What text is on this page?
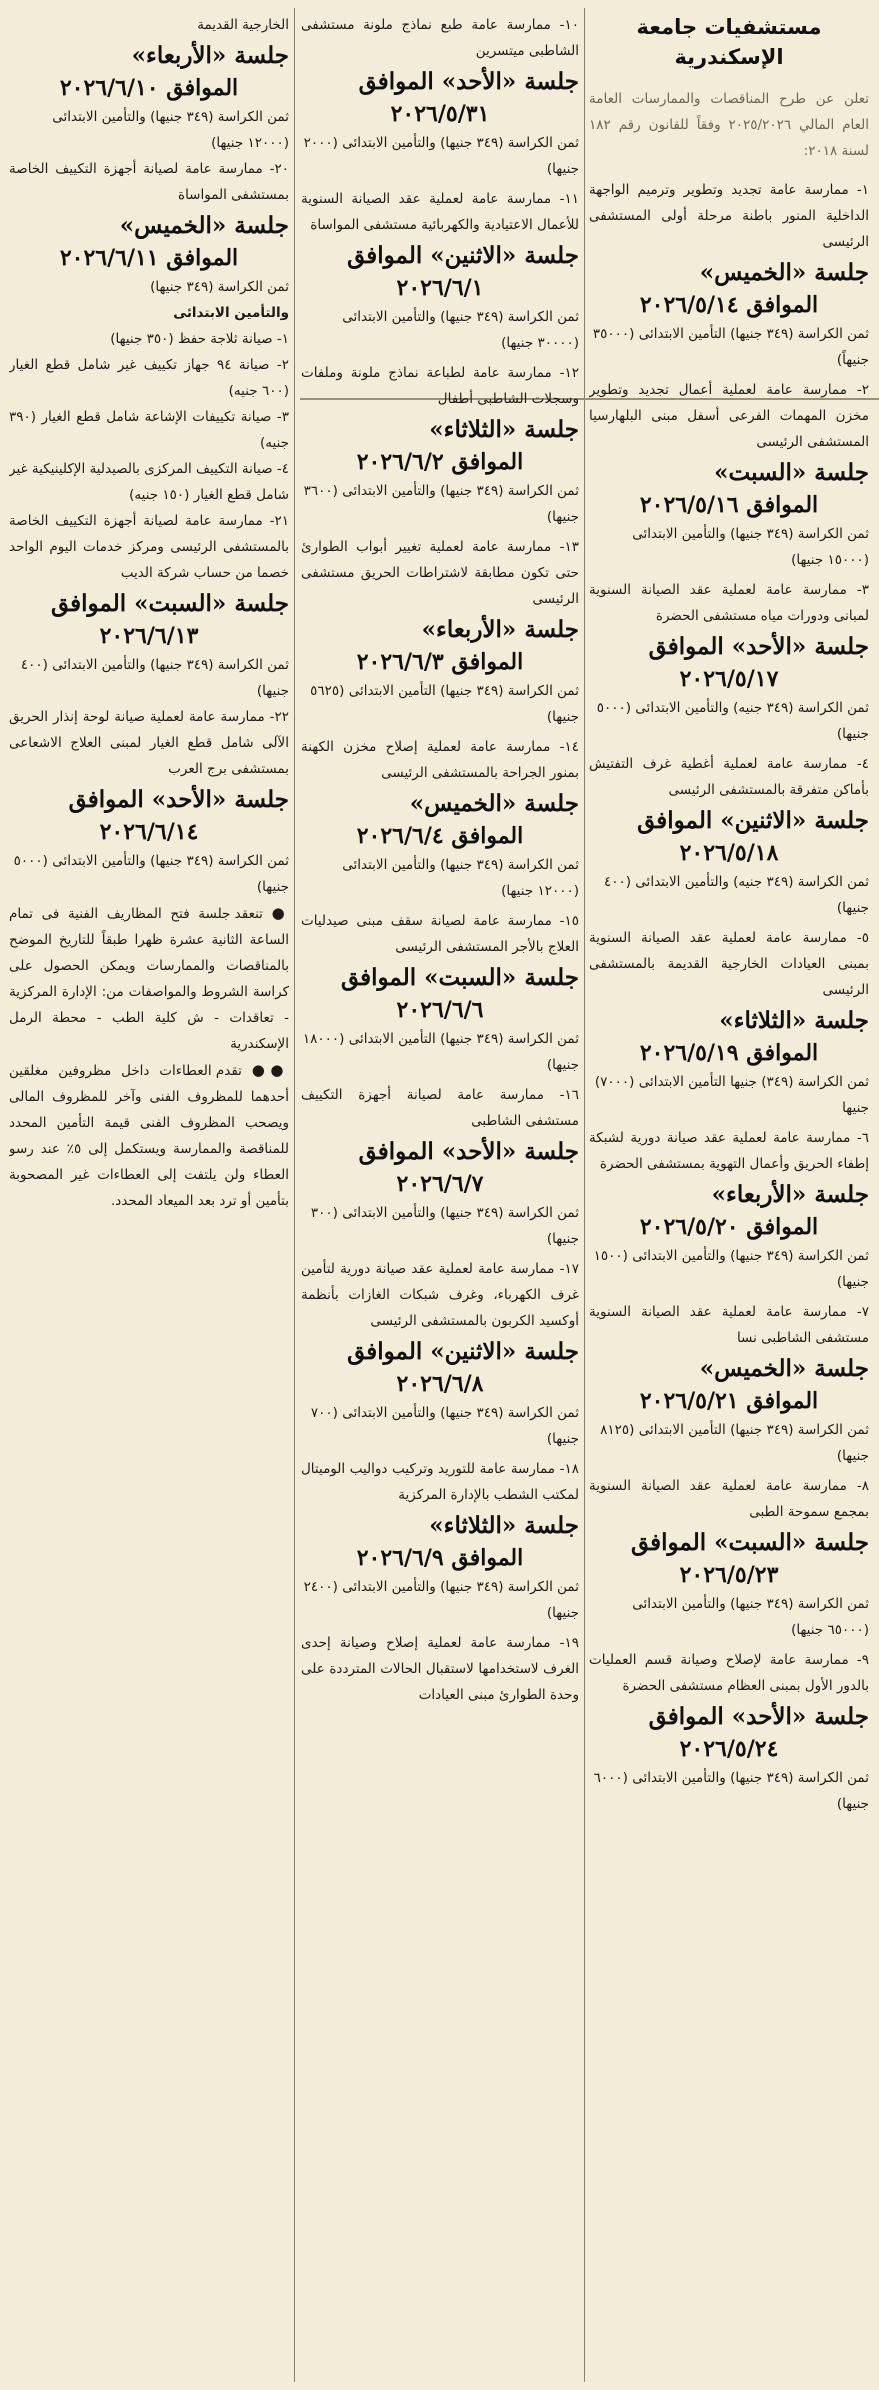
مستشفيات جامعة
الإسكندرية

تعلن عن طرح المناقصات والممارسات العامة العام المالي ٢٠٢٥/٢٠٢٦ وفقاً للقانون رقم ١٨٢ لسنة ٢٠١٨:

١- ممارسة عامة تجديد وتطوير وترميم الواجهة الداخلية المنور باطنة مرحلة أولى المستشفى الرئيسى

جلسة «الخميس»
الموافق ٢٠٢٦/٥/١٤

ثمن الكراسة (٣٤٩ جنيها) التأمين الابتدائى (٣٥٠٠٠ جنيهاً)

٢- ممارسة عامة لعملية أعمال تجديد وتطوير مخزن المهمات الفرعى أسفل مبنى البلهارسيا المستشفى الرئيسى

جلسة «السبت»
الموافق ٢٠٢٦/٥/١٦

ثمن الكراسة (٣٤٩ جنيها) والتأمين الابتدائى (١٥٠٠٠ جنيها)

٣- ممارسة عامة لعملية عقد الصيانة السنوية لمبانى ودورات مياه مستشفى الحضرة

جلسة «الأحد» الموافق
٢٠٢٦/٥/١٧

ثمن الكراسة (٣٤٩ جنيه) والتأمين الابتدائى (٥٠٠٠ جنيها)

٤- ممارسة عامة لعملية أغطية غرف التفتيش بأماكن متفرقة بالمستشفى الرئيسى

جلسة «الاثنين» الموافق
٢٠٢٦/٥/١٨

ثمن الكراسة (٣٤٩ جنيه) والتأمين الابتدائى (٤٠٠ جنيها)

٥- ممارسة عامة لعملية عقد الصيانة السنوية بمبنى العيادات الخارجية القديمة بالمستشفى الرئيسى

جلسة «الثلاثاء»
الموافق ٢٠٢٦/٥/١٩

ثمن الكراسة (٣٤٩) جنيها التأمين الابتدائى (٧٠٠٠) جنيها

٦- ممارسة عامة لعملية عقد صيانة دورية لشبكة إطفاء الحريق وأعمال التهوية بمستشفى الحضرة

جلسة «الأربعاء»
الموافق ٢٠٢٦/٥/٢٠

ثمن الكراسة (٣٤٩ جنيها) والتأمين الابتدائى (١٥٠٠ جنيها)

٧- ممارسة عامة لعملية عقد الصيانة السنوية مستشفى الشاطبى نسا

جلسة «الخميس»
الموافق ٢٠٢٦/٥/٢١

ثمن الكراسة (٣٤٩ جنيها) التأمين الابتدائى (٨١٢٥ جنيها)

٨- ممارسة عامة لعملية عقد الصيانة السنوية بمجمع سموحة الطبى

جلسة «السبت» الموافق
٢٠٢٦/٥/٢٣

ثمن الكراسة (٣٤٩ جنيها) والتأمين الابتدائى (٦٥٠٠٠ جنيها)

٩- ممارسة عامة لإصلاح وصيانة قسم العمليات بالدور الأول بمبنى العظام مستشفى الحضرة

جلسة «الأحد» الموافق
٢٠٢٦/٥/٢٤

ثمن الكراسة (٣٤٩ جنيها) والتأمين الابتدائى (٦٠٠٠ جنيها)

١٠- ممارسة عامة طبع نماذج ملونة مستشفى الشاطبى ميتسرين

جلسة «الأحد» الموافق
٢٠٢٦/٥/٣١

ثمن الكراسة (٣٤٩ جنيها) والتأمين الابتدائى (٢٠٠٠ جنيها)

١١- ممارسة عامة لعملية عقد الصيانة السنوية للأعمال الاعتيادية والكهربائية مستشفى المواساة

جلسة «الاثنين» الموافق
٢٠٢٦/٦/١

ثمن الكراسة (٣٤٩ جنيها) والتأمين الابتدائى (٣٠٠٠٠ جنيها)

١٢- ممارسة عامة لطباعة نماذج ملونة وملفات وسجلات الشاطبى أطفال

جلسة «الثلاثاء»
الموافق ٢٠٢٦/٦/٢

ثمن الكراسة (٣٤٩ جنيها) والتأمين الابتدائى (٣٦٠٠ جنيها)

١٣- ممارسة عامة لعملية تغيير أبواب الطوارئ حتى تكون مطابقة لاشتراطات الحريق مستشفى الرئيسى

جلسة «الأربعاء»
الموافق ٢٠٢٦/٦/٣

ثمن الكراسة (٣٤٩ جنيها) التأمين الابتدائى (٥٦٢٥ جنيها)

١٤- ممارسة عامة لعملية إصلاح مخزن الكهنة بمنور الجراحة بالمستشفى الرئيسى

جلسة «الخميس»
الموافق ٢٠٢٦/٦/٤

ثمن الكراسة (٣٤٩ جنيها) والتأمين الابتدائى (١٢٠٠٠ جنيها)

١٥- ممارسة عامة لصيانة سقف مبنى صيدليات العلاج بالأجر المستشفى الرئيسى

جلسة «السبت» الموافق
٢٠٢٦/٦/٦

ثمن الكراسة (٣٤٩ جنيها) التأمين الابتدائى (١٨٠٠٠ جنيها)

١٦- ممارسة عامة لصيانة أجهزة التكييف مستشفى الشاطبى

جلسة «الأحد» الموافق
٢٠٢٦/٦/٧

ثمن الكراسة (٣٤٩ جنيها) والتأمين الابتدائى (٣٠٠ جنيها)

١٧- ممارسة عامة لعملية عقد صيانة دورية لتأمين غرف الكهرباء، وغرف شبكات الغازات بأنظمة أوكسيد الكربون بالمستشفى الرئيسى

جلسة «الاثنين» الموافق
٢٠٢٦/٦/٨

ثمن الكراسة (٣٤٩ جنيها) والتأمين الابتدائى (٧٠٠ جنيها)

١٨- ممارسة عامة للتوريد وتركيب دواليب الوميتال لمكتب الشطب بالإدارة المركزية

جلسة «الثلاثاء»
الموافق ٢٠٢٦/٦/٩

ثمن الكراسة (٣٤٩ جنيها) والتأمين الابتدائى (٢٤٠٠ جنيها)

١٩- ممارسة عامة لعملية إصلاح وصيانة إحدى الغرف لاستخدامها لاستقبال الحالات المترددة على وحدة الطوارئ مبنى العيادات

الخارجية القديمة

جلسة «الأربعاء»
الموافق ٢٠٢٦/٦/١٠

ثمن الكراسة (٣٤٩ جنيها) والتأمين الابتدائى (١٢٠٠٠ جنيها)

٢٠- ممارسة عامة لصيانة أجهزة التكييف الخاصة بمستشفى المواساة

جلسة «الخميس»
الموافق ٢٠٢٦/٦/١١

ثمن الكراسة (٣٤٩ جنيها)

والتأمين الابتدائى

١- صيانة ثلاجة حفظ (٣٥٠ جنيها)
٢- صيانة ٩٤ جهاز تكييف غير شامل قطع الغيار (٦٠٠ جنيه)
٣- صيانة تكييفات الإشاعة شامل قطع الغيار (٣٩٠ جنيه)
٤- صيانة التكييف المركزى بالصيدلية الإكلينيكية غير شامل قطع الغيار (١٥٠ جنيه)

٢١- ممارسة عامة لصيانة أجهزة التكييف الخاصة بالمستشفى الرئيسى ومركز خدمات اليوم الواحد خصما من حساب شركة الديب

جلسة «السبت» الموافق
٢٠٢٦/٦/١٣

ثمن الكراسة (٣٤٩ جنيها) والتأمين الابتدائى (٤٠٠ جنيها)

٢٢- ممارسة عامة لعملية صيانة لوحة إنذار الحريق الآلى شامل قطع الغيار لمبنى العلاج الاشعاعى بمستشفى برج العرب

جلسة «الأحد» الموافق
٢٠٢٦/٦/١٤

ثمن الكراسة (٣٤٩ جنيها) والتأمين الابتدائى (٥٠٠٠ جنيها)

● تنعقد جلسة فتح المظاريف الفنية فى تمام الساعة الثانية عشرة ظهرا طبقاً للتاريخ الموضح بالمناقصات والممارسات ويمكن الحصول على كراسة الشروط والمواصفات من: الإدارة المركزية - تعاقدات - ش كلية الطب - محطة الرمل الإسكندرية

●● تقدم العطاءات داخل مظروفين مغلقين أحدهما للمظروف الفنى وآخر للمظروف المالى ويصحب المظروف الفنى قيمة التأمين المحدد للمناقصة والممارسة ويستكمل إلى ٥٪ عند رسو العطاء ولن يلتفت إلى العطاءات غير المصحوبة بتأمين أو ترد بعد الميعاد المحدد.
